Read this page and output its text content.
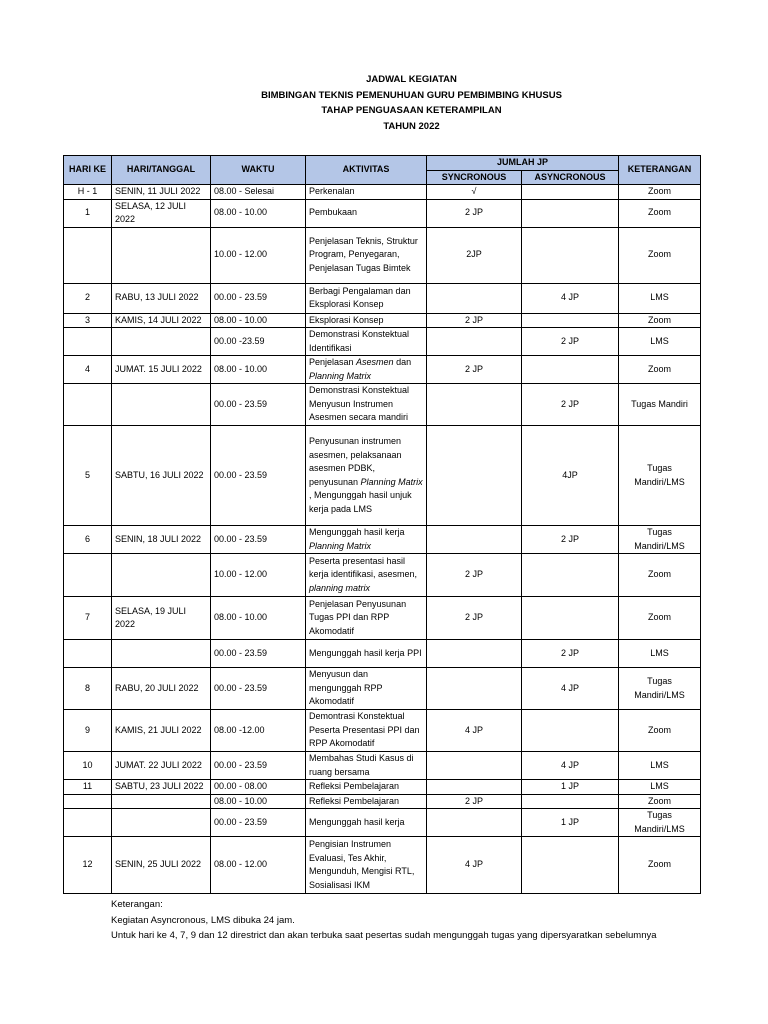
JADWAL KEGIATAN
BIMBINGAN TEKNIS PEMENUHUAN GURU PEMBIMBING KHUSUS
TAHAP PENGUASAAN KETERAMPILAN
TAHUN 2022
HARI KE	HARI/TANGGAL	WAKTU	AKTIVITAS	JUMLAH JP		KETERANGAN
				SYNCRONOUS	ASYNCRONOUS	
H - 1	SENIN, 11 JULI 2022	08.00 - Selesai	Perkenalan	√		Zoom
1	SELASA, 12 JULI 2022	08.00 - 10.00	Pembukaan	2 JP		Zoom
		10.00 - 12.00	Penjelasan Teknis, Struktur Program, Penyegaran, Penjelasan Tugas Bimtek	2JP		Zoom
2	RABU, 13 JULI 2022	00.00 - 23.59	Berbagi Pengalaman dan Eksplorasi Konsep		4 JP	LMS
3	KAMIS, 14 JULI 2022	08.00 - 10.00	Eksplorasi Konsep	2 JP		Zoom
		00.00 -23.59	Demonstrasi Konstektual Identifikasi		2 JP	LMS
4	JUMAT. 15 JULI 2022	08.00 - 10.00	Penjelasan Asesmen dan Planning Matrix	2 JP		Zoom
		00.00 - 23.59	Demonstrasi Konstektual Menyusun Instrumen Asesmen secara mandiri		2 JP	Tugas Mandiri
5	SABTU, 16 JULI 2022	00.00 - 23.59	Penyusunan instrumen asesmen, pelaksanaan asesmen PDBK, penyusunan Planning Matrix , Mengunggah hasil unjuk kerja pada LMS		4JP	Tugas Mandiri/LMS
6	SENIN, 18 JULI 2022	00.00 - 23.59	Mengunggah hasil kerja Planning Matrix		2 JP	Tugas Mandiri/LMS
		10.00 - 12.00	Peserta presentasi hasil kerja identifikasi, asesmen, planning matrix	2 JP		Zoom
7	SELASA, 19 JULI 2022	08.00 - 10.00	Penjelasan Penyusunan Tugas PPI dan RPP Akomodatif	2 JP		Zoom
		00.00 - 23.59	Mengunggah hasil kerja PPI		2 JP	LMS
8	RABU, 20 JULI 2022	00.00 - 23.59	Menyusun dan mengunggah RPP Akomodatif		4 JP	Tugas Mandiri/LMS
9	KAMIS, 21 JULI 2022	08.00 -12.00	Demontrasi Konstektual Peserta Presentasi PPI dan RPP Akomodatif	4 JP		Zoom
10	JUMAT. 22 JULI 2022	00.00 - 23.59	Membahas Studi Kasus di ruang bersama		4 JP	LMS
11	SABTU, 23 JULI 2022	00.00 - 08.00	Refleksi Pembelajaran		1 JP	LMS
		08.00 - 10.00	Refleksi Pembelajaran	2 JP		Zoom
		00.00 - 23.59	Mengunggah hasil kerja		1 JP	Tugas Mandiri/LMS
12	SENIN, 25 JULI 2022	08.00 - 12.00	Pengisian Instrumen Evaluasi, Tes Akhir, Mengunduh, Mengisi RTL, Sosialisasi IKM	4 JP		Zoom
Keterangan:
Kegiatan Asyncronous, LMS dibuka 24 jam.
Untuk hari ke 4, 7, 9 dan 12 direstrict dan akan terbuka saat pesertas sudah mengunggah tugas yang dipersyaratkan sebelumnya
